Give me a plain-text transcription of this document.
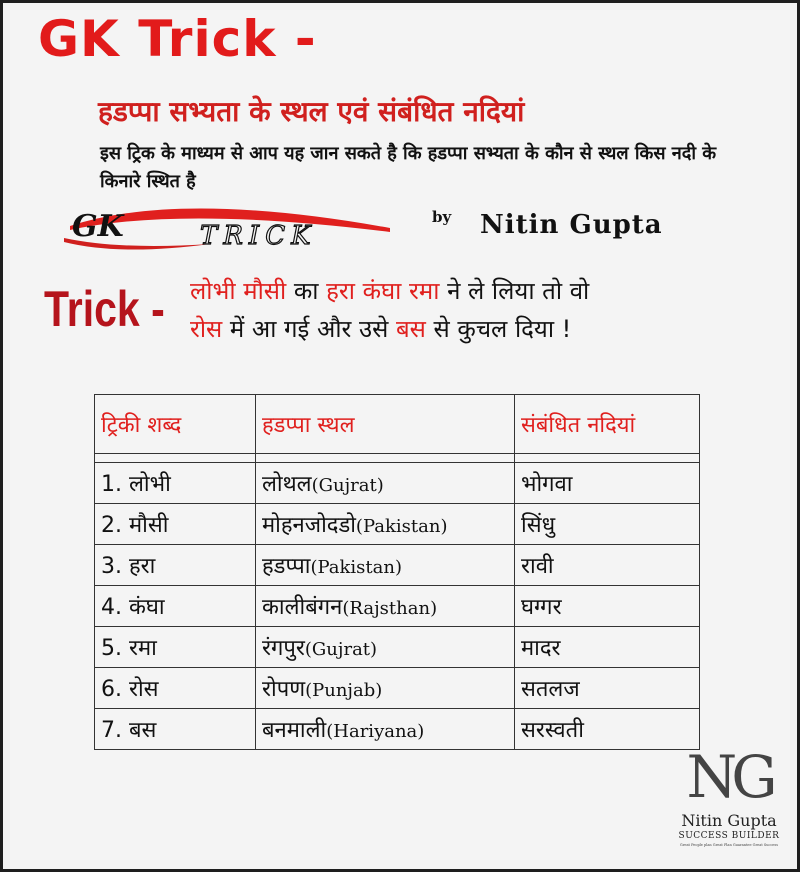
GK Trick -
हडप्पा सभ्यता के स्थल एवं संबंधित नदियां
इस ट्रिक के माध्यम से आप यह जान सकते है कि हडप्पा सभ्यता के कौन से स्थल किस नदी के किनारे स्थित है
GK	TRICK
by Nitin Gupta
Trick - लोभी मौसी का हरा कंघा रमा ने ले लिया तो वो
रोस में आ गई और उसे बस से कुचल दिया !
ट्रिकी शब्द	हडप्पा स्थल	संबंधित नदियां

1. लोभी	लोथल(Gujrat)	भोगवा
2. मौसी	मोहनजोदडो(Pakistan)	सिंधु
3. हरा	हडप्पा(Pakistan)	रावी
4. कंघा	कालीबंगन(Rajsthan)	घग्गर
5. रमा	रंगपुर(Gujrat)	मादर
6. रोस	रोपण(Punjab)	सतलज
7. बस	बनमाली(Hariyana)	सरस्वती
NG
Nitin Gupta
SUCCESS BUILDER
Great People plan Great Plan Guarantee Great Success
